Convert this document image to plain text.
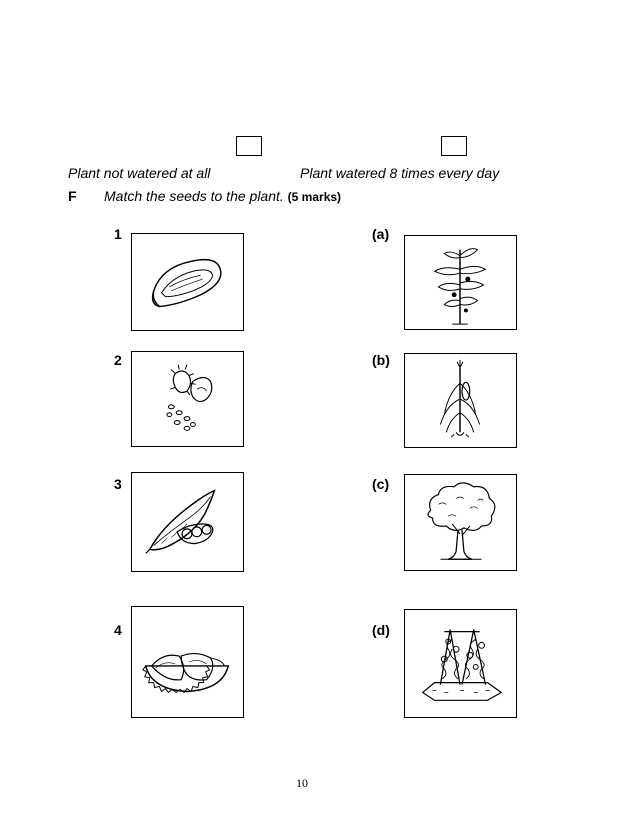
Plant not watered at all	Plant watered 8 times every day
F Match the seeds to the plant. (5 marks)
1
2
3
4
(a)
(b)
(c)
(d)
10
